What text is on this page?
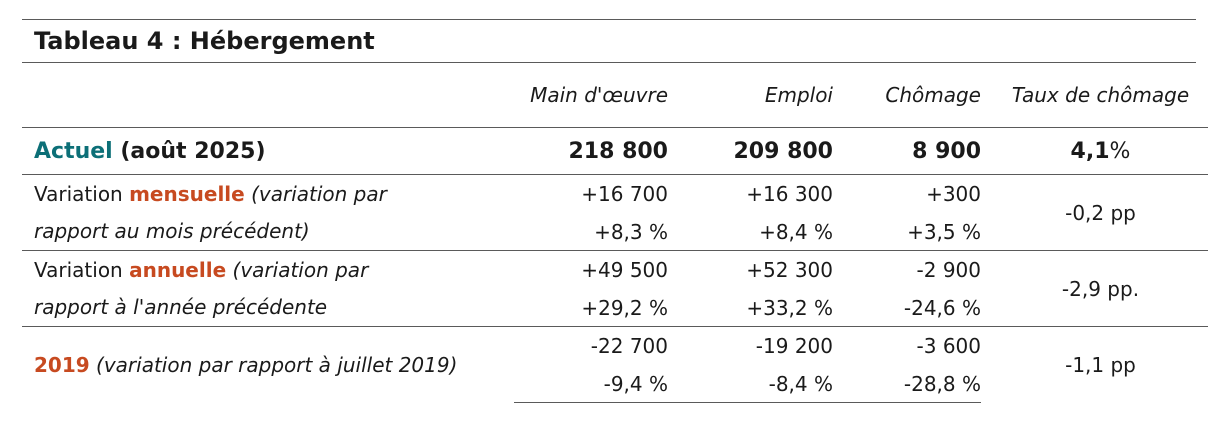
Tableau 4 : Hébergement
	Main d'œuvre	Emploi	Chômage	Taux de chômage
Actuel (août 2025)	218 800	209 800	8 900	4,1%

Variation mensuelle (variation par
rapport au mois précédent)	+16 700	+16 300	+300	-0,2 pp
	+8,3 %	+8,4 %	+3,5 %	

Variation annuelle (variation par
rapport à l'année précédente	+49 500	+52 300	-2 900	-2,9 pp.
	+29,2 %	+33,2 %	-24,6 %	
2019 (variation par rapport à juillet 2019)	-22 700	-19 200	-3 600	-1,1 pp
	-9,4 %	-8,4 %	-28,8 %	
